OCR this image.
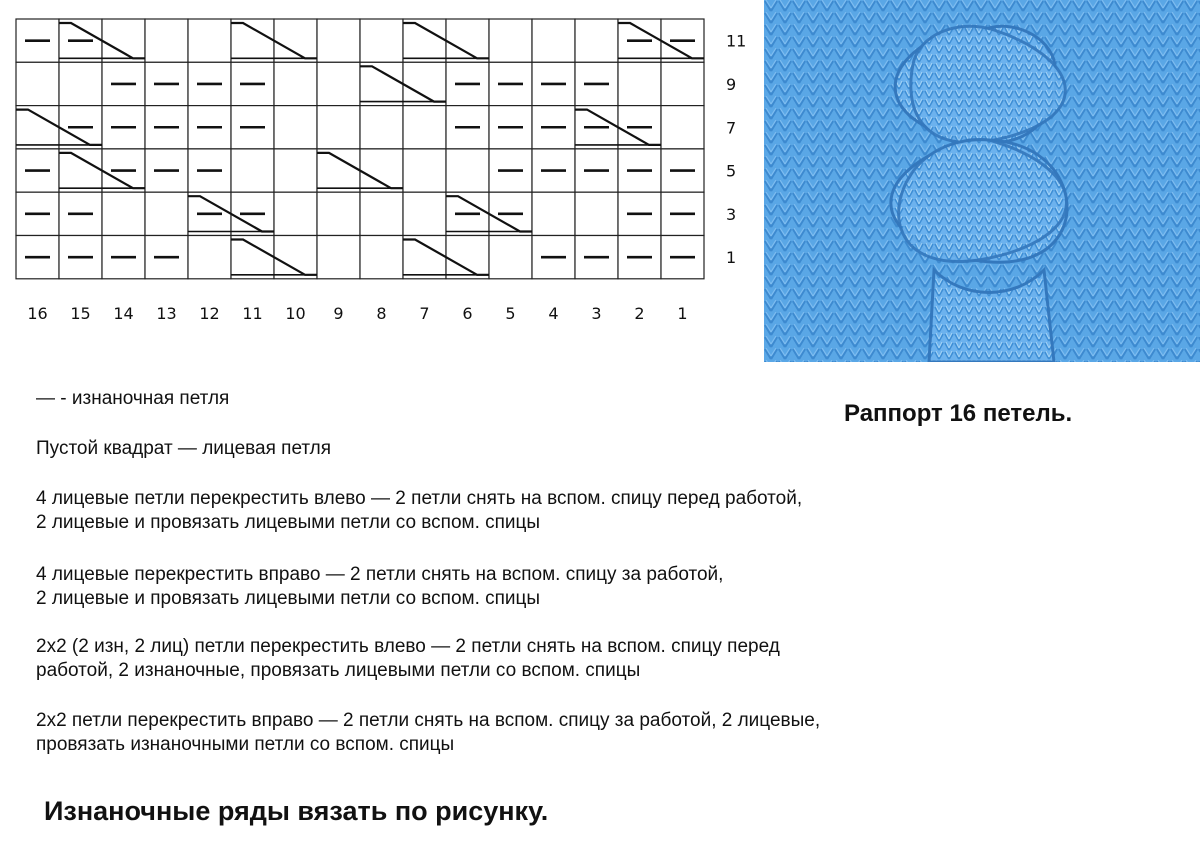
11
9
7
5
3
1
16 15 14 13 12 11 10 9 8 7 6 5 4 3 2 1
— - изнаночная петля
Пустой квадрат — лицевая петля
4 лицевые петли перекрестить влево — 2 петли снять на вспом. спицу перед работой,
2 лицевые и провязать лицевыми петли со вспом. спицы
4 лицевые перекрестить вправо — 2 петли снять на вспом. спицу за работой,
2 лицевые и провязать лицевыми петли со вспом. спицы
2х2 (2 изн, 2 лиц) петли перекрестить влево — 2 петли снять на вспом. спицу перед
работой, 2 изнаночные, провязать лицевыми петли со вспом. спицы
2х2 петли перекрестить вправо — 2 петли снять на вспом. спицу за работой, 2 лицевые,
провязать изнаночными петли со вспом. спицы
Раппорт 16 петель.
Изнаночные ряды вязать по рисунку.
